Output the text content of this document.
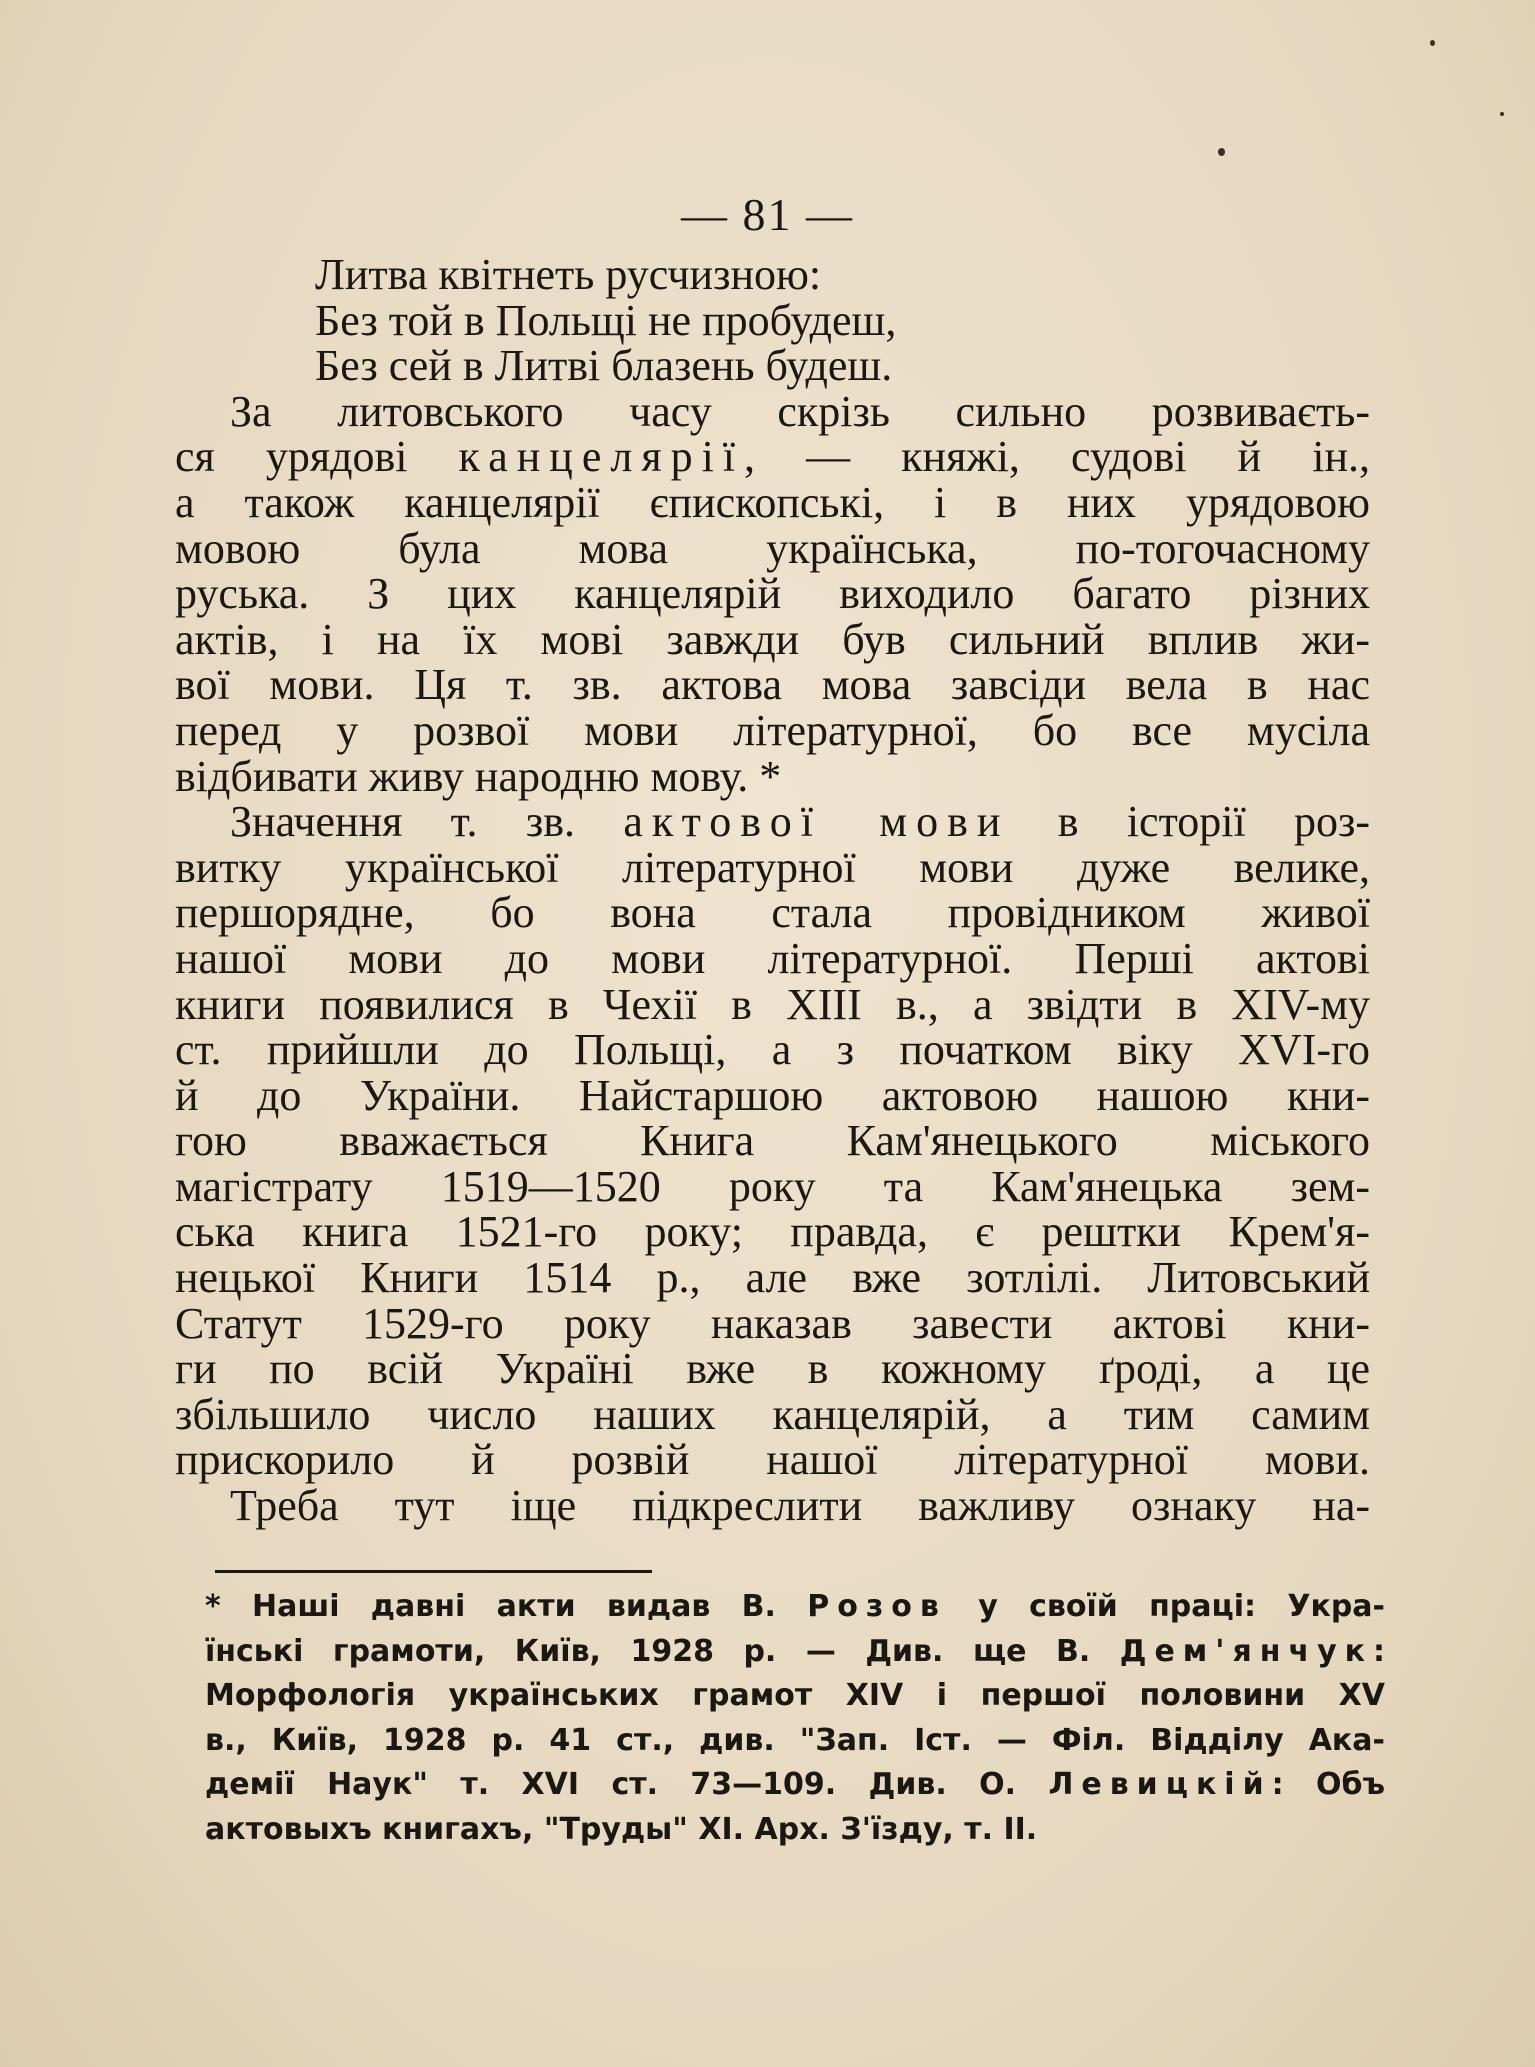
— 81 —
Литва квітнеть русчизною:
Без той в Польщі не пробудеш,
Без сей в Литві блазень будеш.
За литовського часу скрізь сильно розвиваєть-
ся урядові канцелярії, — княжі, судові й ін.,
а також канцелярії єпископські, і в них урядовою
мовою була мова українська, по-тогочасному
руська. З цих канцелярій виходило багато різних
актів, і на їх мові завжди був сильний вплив жи-
вої мови. Ця т. зв. актова мова завсіди вела в нас
перед у розвої мови літературної, бо все мусіла
відбивати живу народню мову. *
Значення т. зв. актової мови в історії роз-
витку української літературної мови дуже велике,
першорядне, бо вона стала провідником живої
нашої мови до мови літературної. Перші актові
книги появилися в Чехії в XIII в., а звідти в XIV-му
ст. прийшли до Польщі, а з початком віку XVI-го
й до України. Найстаршою актовою нашою кни-
гою вважається Книга Кам'янецького міського
магістрату 1519—1520 року та Кам'янецька зем-
ська книга 1521-го року; правда, є рештки Крем'я-
нецької Книги 1514 р., але вже зотлілі. Литовський
Статут 1529-го року наказав завести актові кни-
ги по всій Україні вже в кожному ґроді, а це
збільшило число наших канцелярій, а тим самим
прискорило й розвій нашої літературної мови.
Треба тут іще підкреслити важливу ознаку на-
* Наші давні акти видав В. Розов у своїй праці: Укра-
їнські грамоти, Київ, 1928 р. — Див. ще В. Дем'янчук:
Морфологія українських грамот XIV і першої половини XV
в., Київ, 1928 р. 41 ст., див. "Зап. Іст. — Філ. Відділу Ака-
демії Наук" т. XVI ст. 73—109. Див. О. Левицкій: Объ
актовыхъ книгахъ, "Труды" XI. Арх. З'їзду, т. II.
